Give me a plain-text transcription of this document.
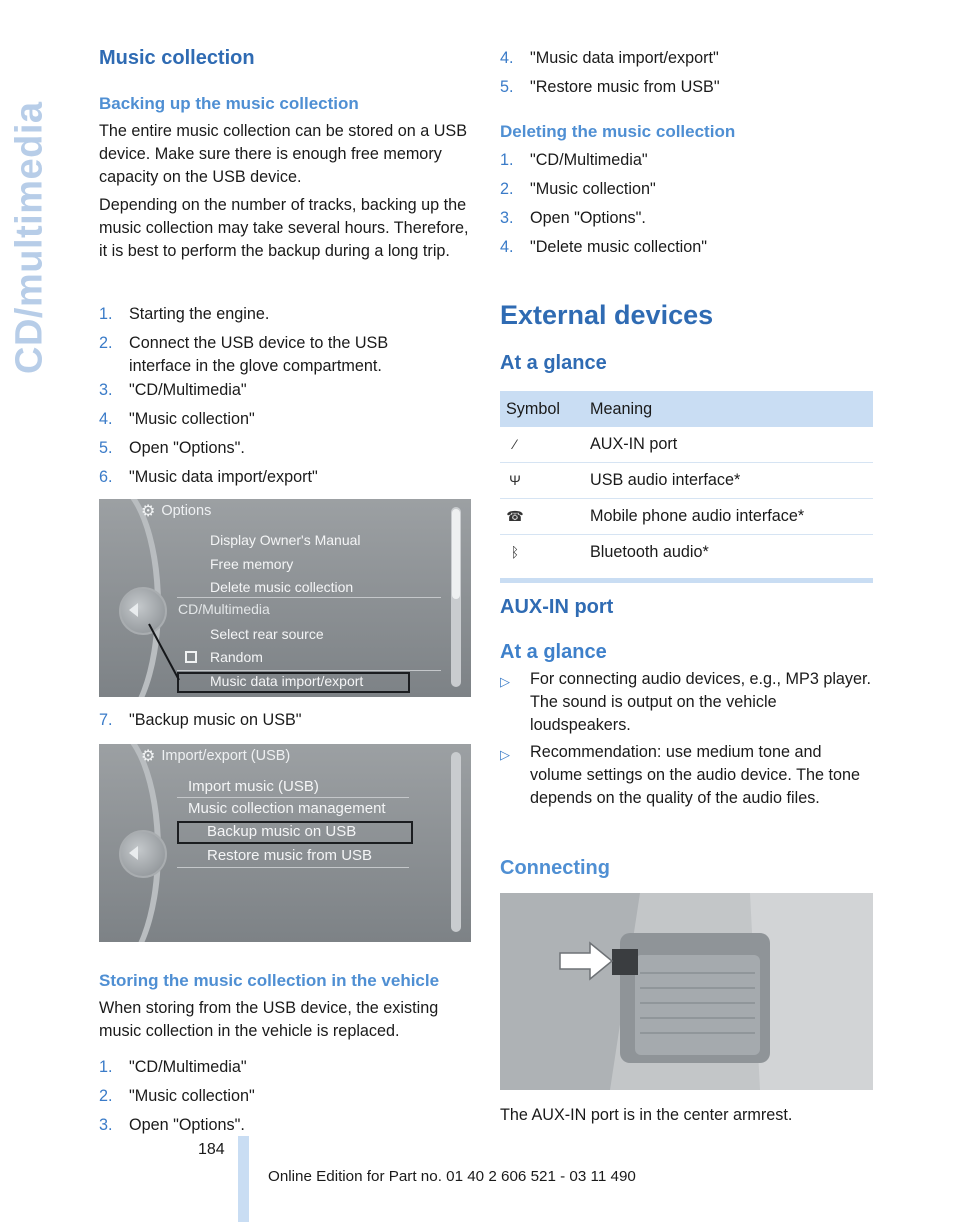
CD/multimedia
Music collection
Backing up the music collection
The entire music collection can be stored on a USB device. Make sure there is enough free memory capacity on the USB device.
Depending on the number of tracks, backing up the music collection may take several hours. Therefore, it is best to perform the backup during a long trip.
1.	Starting the engine.
2.	Connect the USB device to the USB interface in the glove compartment.
3.	"CD/Multimedia"
4.	"Music collection"
5.	Open "Options".
6.	"Music data import/export"
⚙ Options
Display Owner's Manual
Free memory
Delete music collection
CD/Multimedia
Select rear source
Random
Music data import/export
7.	"Backup music on USB"
⚙ Import/export (USB)
Import music (USB)
Music collection management
Backup music on USB
Restore music from USB
Storing the music collection in the vehicle
When storing from the USB device, the existing music collection in the vehicle is replaced.
1.	"CD/Multimedia"
2.	"Music collection"
3.	Open "Options".
4.	"Music data import/export"
5.	"Restore music from USB"
Deleting the music collection
1.	"CD/Multimedia"
2.	"Music collection"
3.	Open "Options".
4.	"Delete music collection"
External devices
At a glance
Symbol	Meaning
⁄	AUX-IN port
Ψ	USB audio interface*
☎	Mobile phone audio interface*
ᛒ	Bluetooth audio*
AUX-IN port
At a glance
▷	For connecting audio devices, e.g., MP3 player. The sound is output on the vehicle loudspeakers.
▷	Recommendation: use medium tone and volume settings on the audio device. The tone depends on the quality of the audio files.
Connecting
The AUX-IN port is in the center armrest.
184
Online Edition for Part no. 01 40 2 606 521 - 03 11 490
